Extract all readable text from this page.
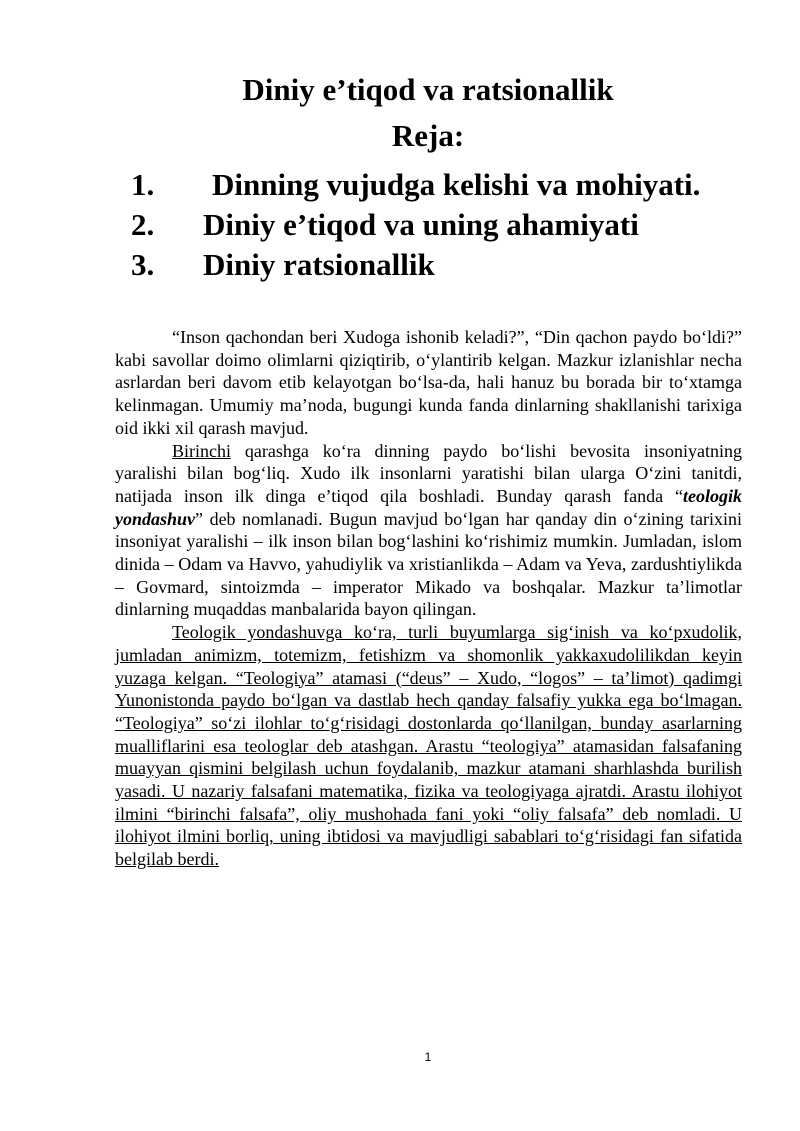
Diniy e’tiqod va ratsionallik
Reja:
1. Dinning vujudga kelishi va mohiyati.
2. Diniy e’tiqod va uning ahamiyati
3. Diniy ratsionallik

“Inson qachondan beri Xudoga ishonib keladi?”, “Din qachon paydo bo‘ldi?” kabi savollar doimo olimlarni qiziqtirib, o‘ylantirib kelgan. Mazkur izlanishlar necha asrlardan beri davom etib kelayotgan bo‘lsa-da, hali hanuz bu borada bir to‘xtamga kelinmagan. Umumiy ma’noda, bugungi kunda fanda dinlarning shakllanishi tarixiga oid ikki xil qarash mavjud.

Birinchi qarashga ko‘ra dinning paydo bo‘lishi bevosita insoniyatning yaralishi bilan bog‘liq. Xudo ilk insonlarni yaratishi bilan ularga O‘zini tanitdi, natijada inson ilk dinga e’tiqod qila boshladi. Bunday qarash fanda “teologik yondashuv” deb nomlanadi. Bugun mavjud bo‘lgan har qanday din o‘zining tarixini insoniyat yaralishi – ilk inson bilan bog‘lashini ko‘rishimiz mumkin. Jumladan, islom dinida – Odam va Havvo, yahudiylik va xristianlikda – Adam va Yeva, zardushtiylikda – Govmard, sintoizmda – imperator Mikado va boshqalar. Mazkur ta’limotlar dinlarning muqaddas manbalarida bayon qilingan.

Teologik yondashuvga ko‘ra, turli buyumlarga sig‘inish va ko‘pxudolik, jumladan animizm, totemizm, fetishizm va shomonlik yakkaxudolilikdan keyin yuzaga kelgan. “Teologiya” atamasi (“deus” – Xudo, “logos” – ta’limot) qadimgi Yunonistonda paydo bo‘lgan va dastlab hech qanday falsafiy yukka ega bo‘lmagan. “Teologiya” so‘zi ilohlar to‘g‘risidagi dostonlarda qo‘llanilgan, bunday asarlarning mualliflarini esa teologlar deb atashgan. Arastu “teologiya” atamasidan falsafaning muayyan qismini belgilash uchun foydalanib, mazkur atamani sharhlashda burilish yasadi. U nazariy falsafani matematika, fizika va teologiyaga ajratdi. Arastu ilohiyot ilmini “birinchi falsafa”, oliy mushohada fani yoki “oliy falsafa” deb nomladi. U ilohiyot ilmini borliq, uning ibtidosi va mavjudligi sabablari to‘g‘risidagi fan sifatida belgilab berdi.

1
